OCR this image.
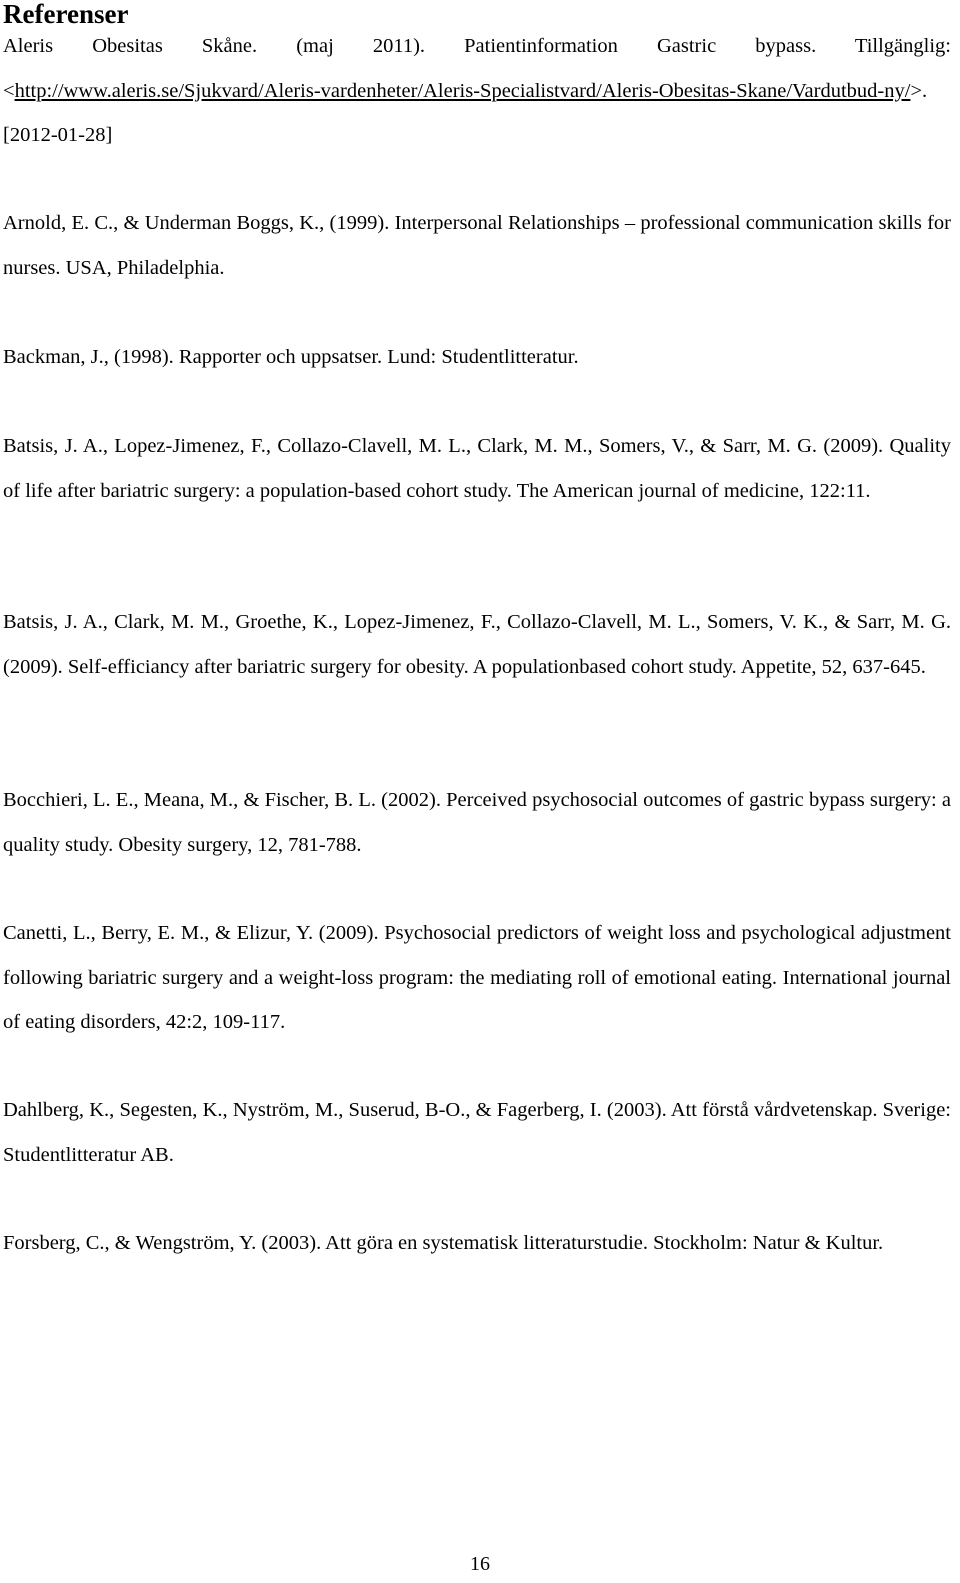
Referenser

Aleris Obesitas Skåne. (maj 2011). Patientinformation Gastric bypass. Tillgänglig: <http://www.aleris.se/Sjukvard/Aleris-vardenheter/Aleris-Specialistvard/Aleris-Obesitas-Skane/Vardutbud-ny/>. [2012-01-28]

Arnold, E. C., & Underman Boggs, K., (1999). Interpersonal Relationships – professional communication skills for nurses. USA, Philadelphia.

Backman, J., (1998). Rapporter och uppsatser. Lund: Studentlitteratur.

Batsis, J. A., Lopez-Jimenez, F., Collazo-Clavell, M. L., Clark, M. M., Somers, V., & Sarr, M. G. (2009). Quality of life after bariatric surgery: a population-based cohort study. The American journal of medicine, 122:11.

Batsis, J. A., Clark, M. M., Groethe, K., Lopez-Jimenez, F., Collazo-Clavell, M. L., Somers, V. K., & Sarr, M. G. (2009). Self-efficiancy after bariatric surgery for obesity. A populationbased cohort study. Appetite, 52, 637-645.

Bocchieri, L. E., Meana, M., & Fischer, B. L. (2002). Perceived psychosocial outcomes of gastric bypass surgery: a quality study. Obesity surgery, 12, 781-788.

Canetti, L., Berry, E. M., & Elizur, Y. (2009). Psychosocial predictors of weight loss and psychological adjustment following bariatric surgery and a weight-loss program: the mediating roll of emotional eating. International journal of eating disorders, 42:2, 109-117.

Dahlberg, K., Segesten, K., Nyström, M., Suserud, B-O., & Fagerberg, I. (2003). Att förstå vårdvetenskap. Sverige: Studentlitteratur AB.

Forsberg, C., & Wengström, Y. (2003). Att göra en systematisk litteraturstudie. Stockholm: Natur & Kultur.

16
